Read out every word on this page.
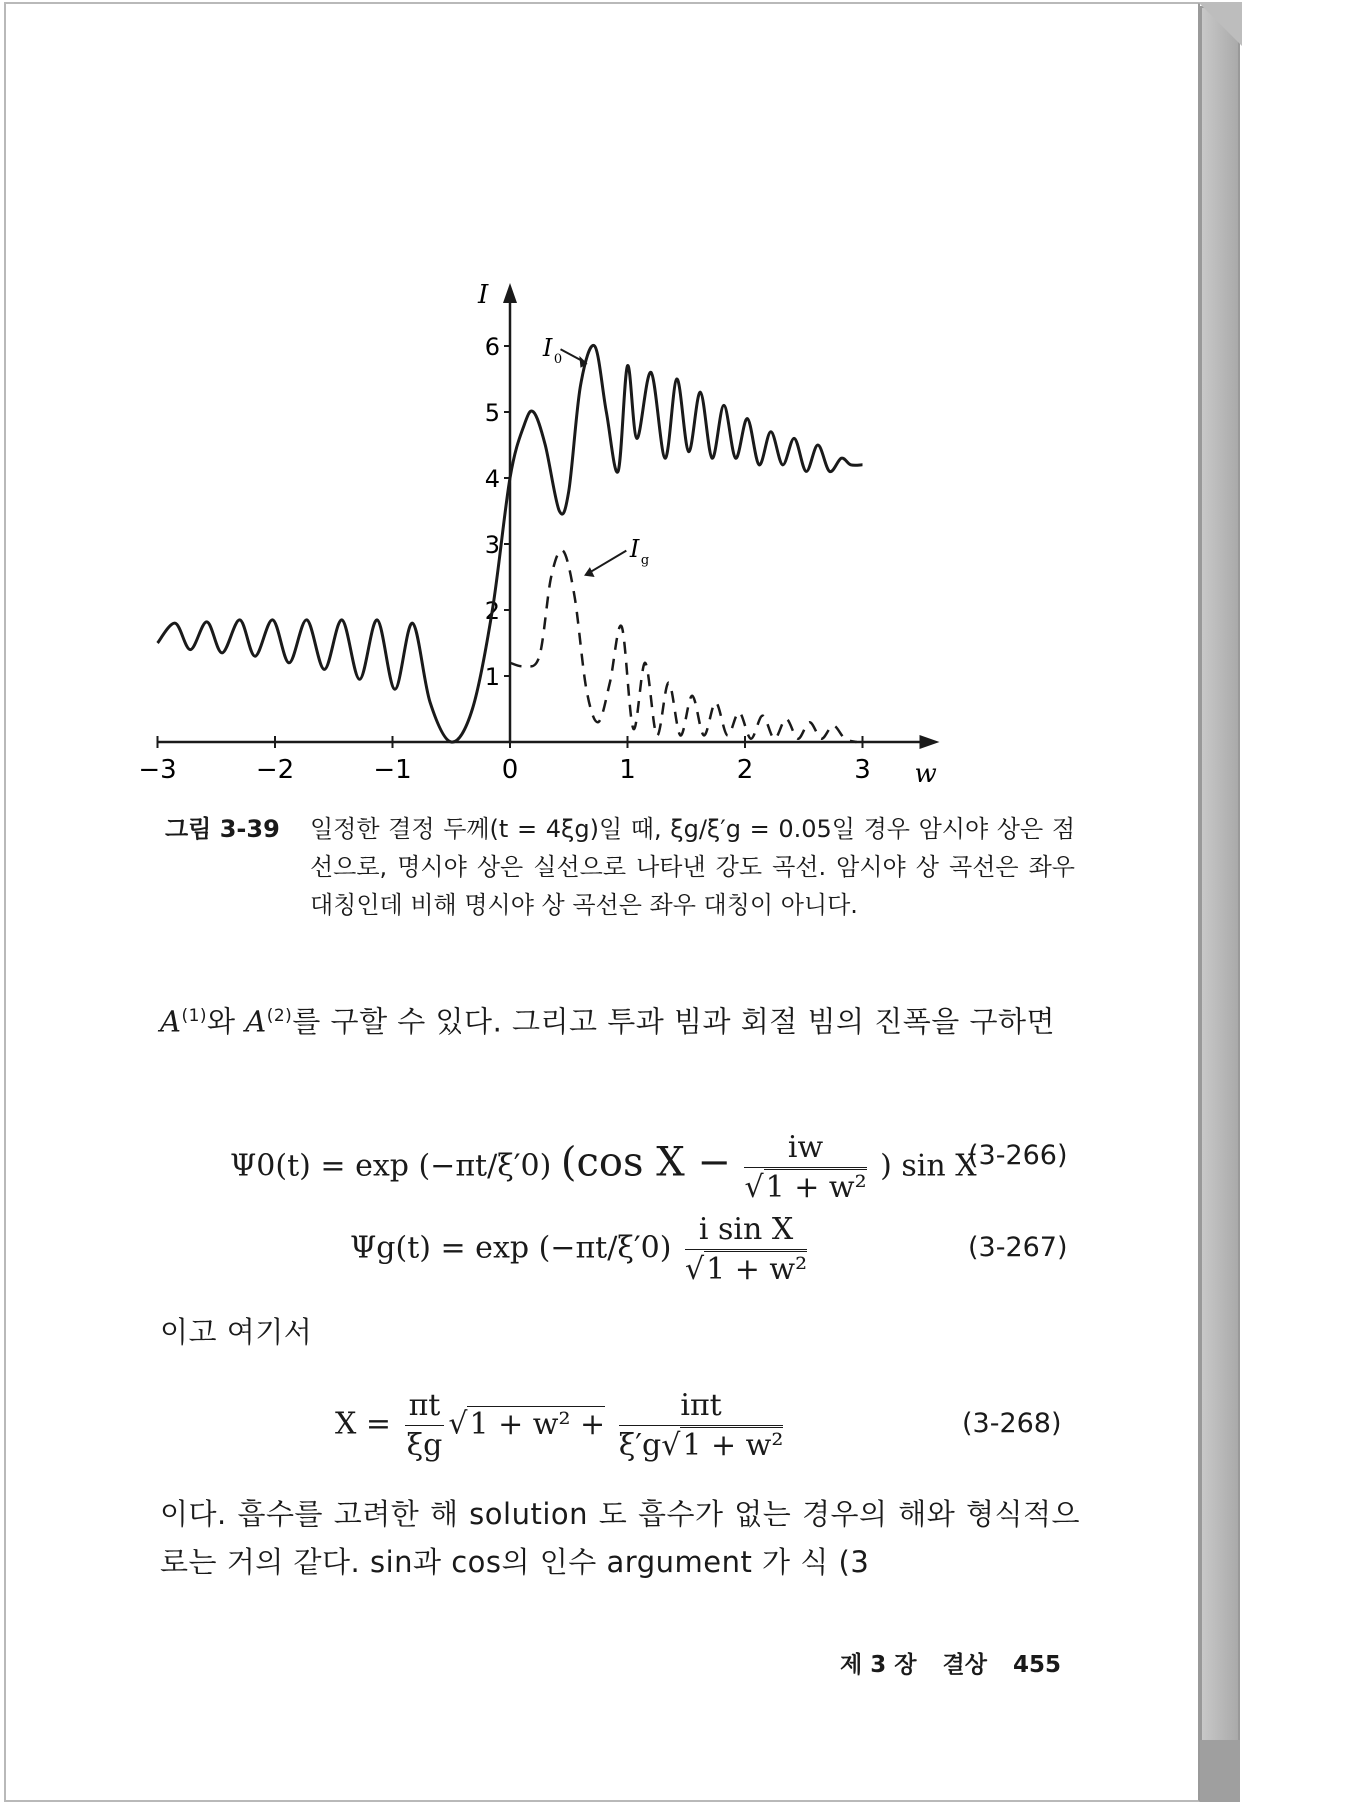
w
I
−3	−2	−1	0	1	2	3
1
2
3
4
5
6 I 0
I g
그림 3-39 일정한 결정 두께(t = 4ξg)일 때, ξg/ξ′g = 0.05일 경우 암시야 상은 점선으로, 명시야 상은 실선으로 나타낸 강도 곡선. 암시야 상 곡선은 좌우 대칭인데 비해 명시야 상 곡선은 좌우 대칭이 아니다.
$A^{(1)}$와 $A^{(2)}$를 구할 수 있다. 그리고 투과 빔과 회절 빔의 진폭을 구하면
Ψ0(t) = exp (−πt/ξ′0) (cos $X - \frac{iw}{\text{√1 + w²}}$ ) sin X
(3-266)
$\Psi g(t) = \exp (-\pi t/\xi'0) \frac{\text{i sin X}}{\text{√1 + w²}}$	(3-267)
이고 여기서
$X = \frac{\pi t}{\xi g} √1 + w^2 + \frac{\text{iπt}}{\text{ξ′g√1 + w²}}$	(3-268)
이다. 흡수를 고려한 해 solution 도 흡수가 없는 경우의 해와 형식적으로는 거의 같다. sin과 cos의 인수 argument 가 식 (3
제 3 장 결상 455
